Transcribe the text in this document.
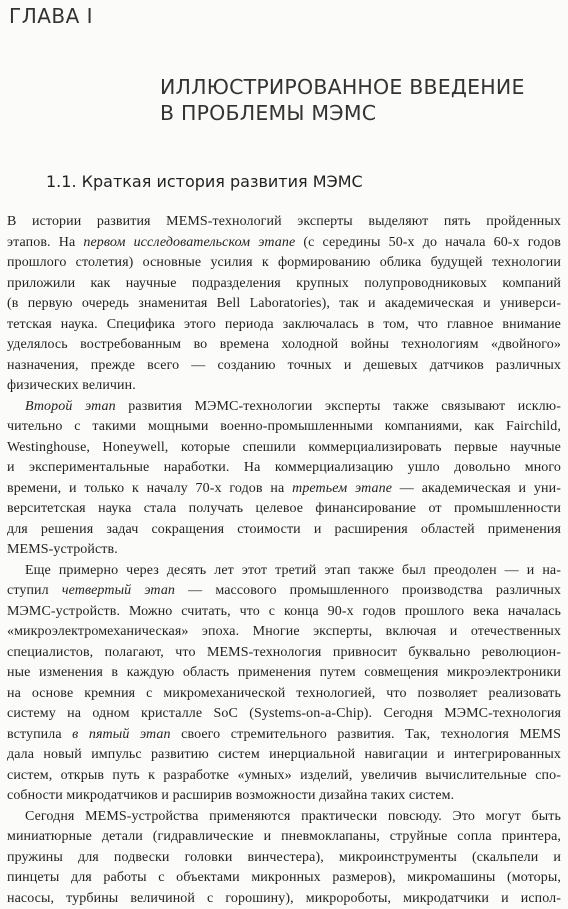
ГЛАВА I
ИЛЛЮСТРИРОВАННОЕ ВВЕДЕНИЕ
В ПРОБЛЕМЫ МЭМС
1.1. Краткая история развития МЭМС
В истории развития MEMS-технологий эксперты выделяют пять пройденных
этапов. На первом исследовательском этапе (с середины 50-х до начала 60-х годов
прошлого столетия) основные усилия к формированию облика будущей технологии
приложили как научные подразделения крупных полупроводниковых компаний
(в первую очередь знаменитая Bell Laboratories), так и академическая и универси-
тетская наука. Специфика этого периода заключалась в том, что главное внимание
уделялось востребованным во времена холодной войны технологиям «двойного»
назначения, прежде всего — созданию точных и дешевых датчиков различных
физических величин.
Второй этап развития МЭМС-технологии эксперты также связывают исклю-
чительно с такими мощными военно-промышленными компаниями, как Fairchild,
Westinghouse, Honeywell, которые спешили коммерциализировать первые научные
и экспериментальные наработки. На коммерциализацию ушло довольно много
времени, и только к началу 70-х годов на третьем этапе — академическая и уни-
верситетская наука стала получать целевое финансирование от промышленности
для решения задач сокращения стоимости и расширения областей применения
MEMS-устройств.
Еще примерно через десять лет этот третий этап также был преодолен — и на-
ступил четвертый этап — массового промышленного производства различных
МЭМС-устройств. Можно считать, что с конца 90-х годов прошлого века началась
«микроэлектромеханическая» эпоха. Многие эксперты, включая и отечественных
специалистов, полагают, что MEMS-технология привносит буквально революцион-
ные изменения в каждую область применения путем совмещения микроэлектроники
на основе кремния с микромеханической технологией, что позволяет реализовать
систему на одном кристалле SoC (Systems-on-a-Chip). Сегодня МЭМС-технология
вступила в пятый этап своего стремительного развития. Так, технология MEMS
дала новый импульс развитию систем инерциальной навигации и интегрированных
систем, открыв путь к разработке «умных» изделий, увеличив вычислительные спо-
собности микродатчиков и расширив возможности дизайна таких систем.
Сегодня MEMS-устройства применяются практически повсюду. Это могут быть
миниатюрные детали (гидравлические и пневмоклапаны, струйные сопла принтера,
пружины для подвески головки винчестера), микроинструменты (скальпели и
пинцеты для работы с объектами микронных размеров), микромашины (моторы,
насосы, турбины величиной с горошину), микророботы, микродатчики и испол-
